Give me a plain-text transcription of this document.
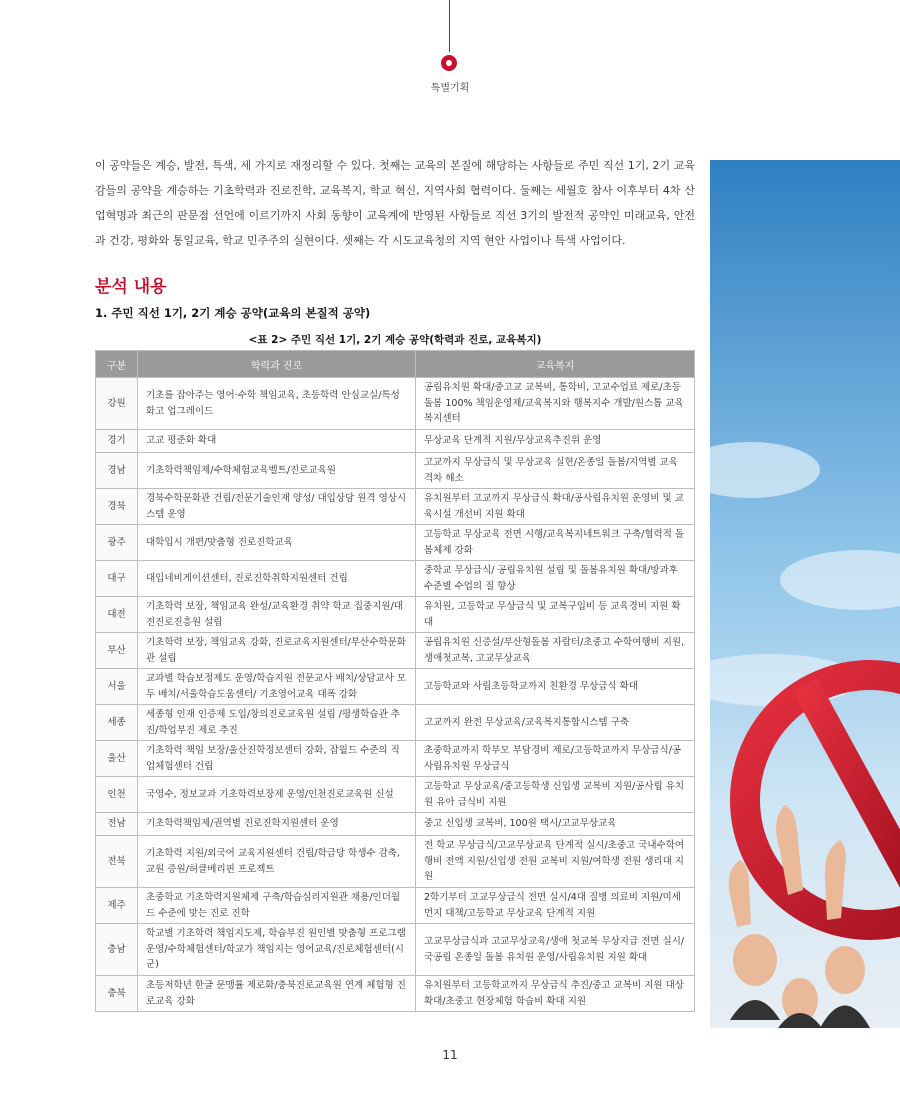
특별기획

이 공약들은 계승, 발전, 특색, 세 가지로 재정리할 수 있다. 첫째는 교육의 본질에 해당하는 사항들로 주민 직선 1기, 2기 교육감들의 공약을 계승하는 기초학력과 진로진학, 교육복지, 학교 혁신, 지역사회 협력이다. 둘째는 세월호 참사 이후부터 4차 산업혁명과 최근의 판문점 선언에 이르기까지 사회 동향이 교육계에 반영된 사항들로 직선 3기의 발전적 공약인 미래교육, 안전과 건강, 평화와 통일교육, 학교 민주주의 실현이다. 셋째는 각 시도교육청의 지역 현안 사업이나 특색 사업이다.

분석 내용
1. 주민 직선 1기, 2기 계승 공약(교육의 본질적 공약)
<표 2> 주민 직선 1기, 2기 계승 공약(학력과 진로, 교육복지)
구분	학력과 진로	교육복지
강원	기초를 잡아주는 영어·수학 책임교육, 초등학력 안심교실/특성화고 업그레이드	공립유치원 확대/중고교 교복비, 통학비, 고교수업료 제로/초등돌봄 100% 책임운영제/교육복지와 행복지수 개발/원스톱 교육복지센터
경기	고교 평준화 확대	무상교육 단계적 지원/무상교육추진위 운영
경남	기초학력책임제/수학체험교육벨트/진로교육원	고교까지 무상급식 및 무상교육 실현/온종일 돌봄/지역별 교육격차 해소
경북	경북수학문화관 건립/전문기술인재 양성/ 대입상담 원격 영상시스템 운영	유치원부터 고교까지 무상급식 확대/공사립유치원 운영비 및 교육시설 개선비 지원 확대
광주	대학입시 개편/맞춤형 진로진학교육	고등학교 무상교육 전면 시행/교육복지네트워크 구축/협력적 돌봄체제 강화
대구	대입네비게이션센터, 진로진학취학지원센터 건립	중학교 무상급식/ 공립유치원 설립 및 돌봄유치원 확대/방과후 수준별 수업의 질 향상
대전	기초학력 보장, 책임교육 완성/교육환경 취약 학교 집중지원/대전진로진흥원 설립	유치원, 고등학교 무상급식 및 교복구입비 등 교육경비 지원 확대
부산	기초학력 보장, 책임교육 강화, 진로교육지원센터/부산수학문화관 설립	공립유치원 신증설/부산형돌봄 자람터/초중고 수학여행비 지원, 생애첫교복, 고교무상교육
서울	교과별 학습보정제도 운영/학습지원 전문교사 배치/상담교사 모두 배치/서울학습도움센터/ 기초영어교육 대폭 강화	고등학교와 사립초등학교까지 친환경 무상급식 확대
세종	세종형 인재 인증제 도입/창의진로교육원 설립 /평생학습관 추진/학업부진 제로 추진	고교까지 완전 무상교육/교육복지통합시스템 구축
울산	기초학력 책임 보장/울산진학정보센터 강화, 잡월드 수준의 직업체험센터 건립	초중학교까지 학부모 부담경비 제로/고등학교까지 무상급식/공사립유치원 무상급식
인천	국영수, 정보교과 기초학력보장제 운영/인천진로교육원 신설	고등학교 무상교육/중고등학생 신입생 교복비 지원/공사립 유치원 유아 급식비 지원
전남	기초학력책임제/권역별 진로진학지원센터 운영	중고 신입생 교복비, 100원 택시/고교무상교육
전북	기초학력 지원/외국어 교육지원센터 건립/학급당 학생수 감축, 교원 증원/허클베리핀 프로젝트	전 학교 무상급식/고교무상교육 단계적 실시/초중고 국내수학여행비 전액 지원/신입생 전원 교복비 지원/여학생 전원 생리대 지원
제주	초중학교 기초학력지원체제 구축/학습심리지원관 채용/인더월드 수준에 맞는 진로 진학	2학기부터 고교무상급식 전면 실시/4대 질병 의료비 지원/미세먼지 대책/고등학교 무상교육 단계적 지원
충남	학교별 기초학력 책임지도제, 학습부진 원인별 맞춤형 프로그램 운영/수학체험센터/학교가 책임지는 영어교육/진로체험센터(시군)	고교무상급식과 고교무상교육/생애 첫교복 무상지급 전면 실시/국공립 온종일 돌봄 유치원 운영/사립유치원 지원 확대
충북	초등저학년 한글 문맹률 제로화/충북진로교육원 연계 체험형 진로교육 강화	유치원부터 고등학교까지 무상급식 추진/중고 교복비 지원 대상 확대/초중고 현장체험 학습비 확대 지원
11
